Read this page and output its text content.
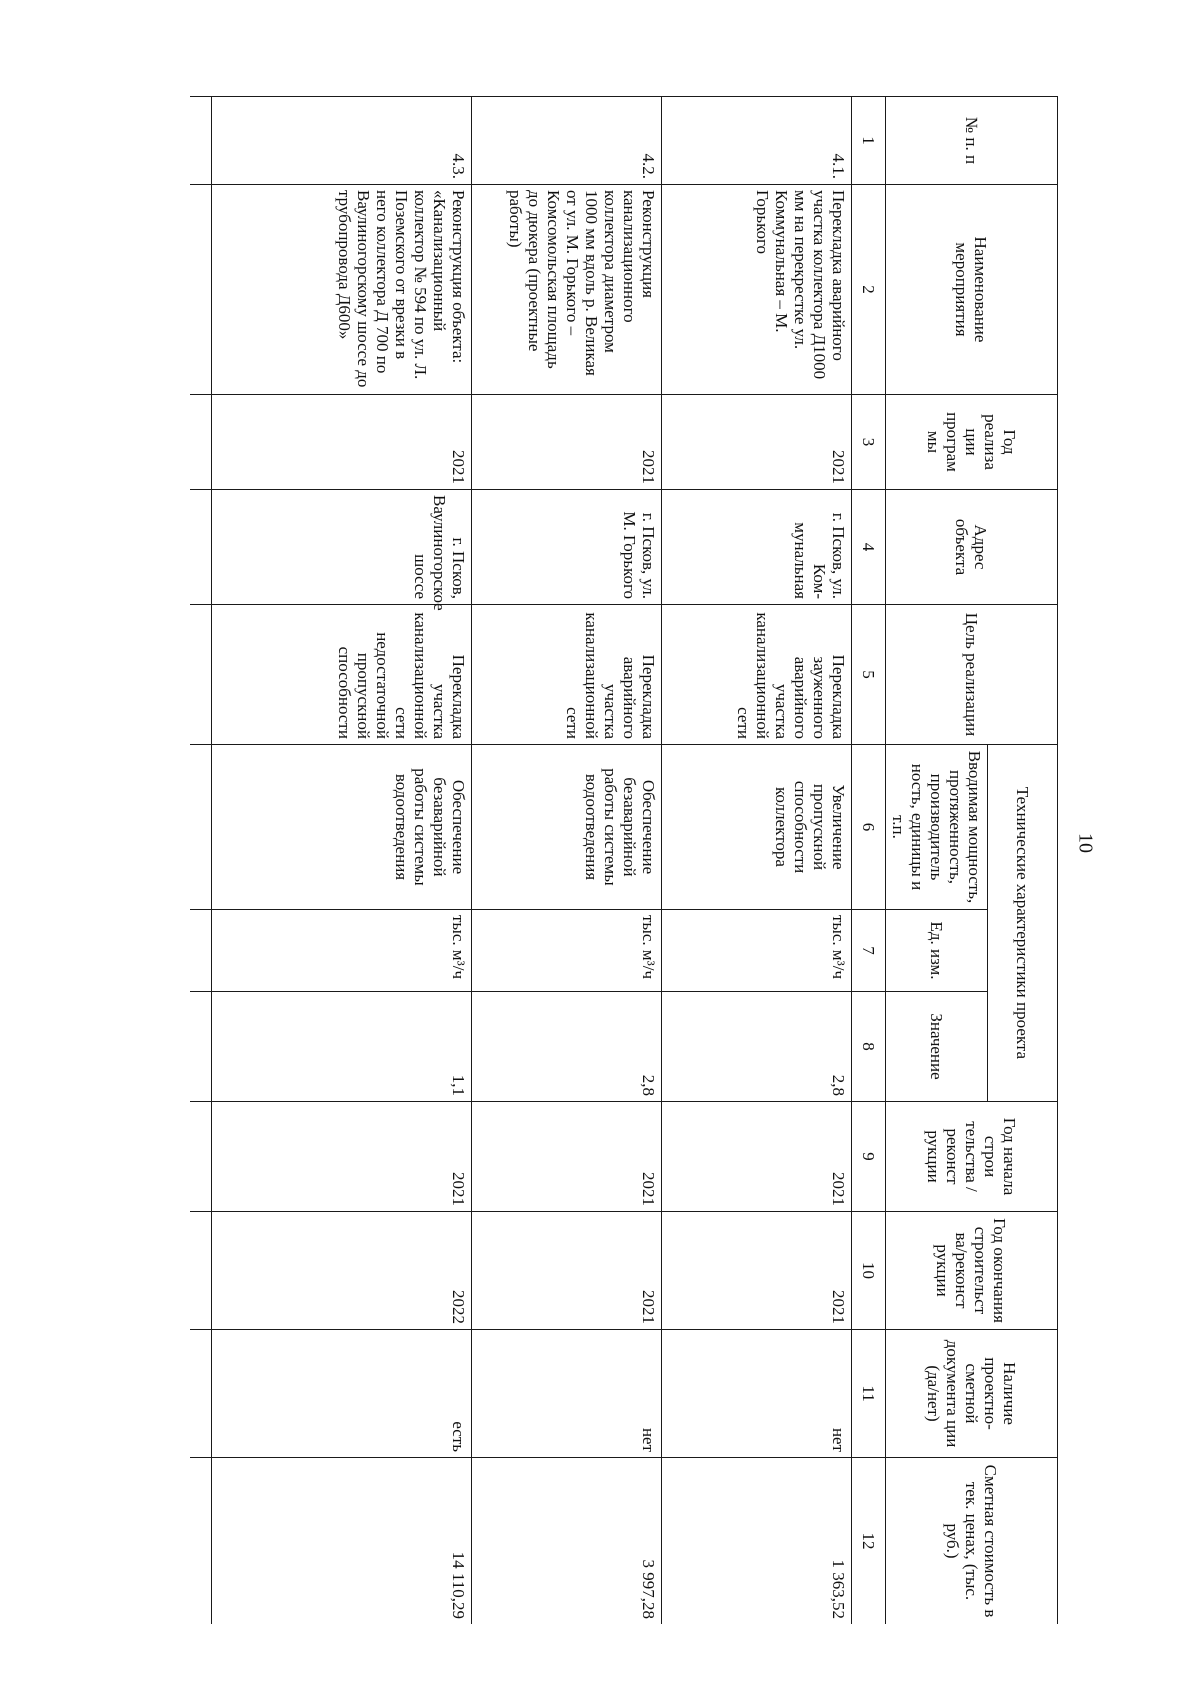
10
№ п. п	Наименование мероприятия	Год реализа ции програм мы	Адрес объекта	Цель реализации	Технические характеристики проекта			Год начала строи тельства /реконст рукции	Год окончания строительст ва/реконст рукции	Наличие проектно-сметной документа ции (да/нет)	Сметная стоимость в тек. ценах, (тыс. руб.)
					Вводимая мощность, протяженность, производитель ность, единицы и т.п.	Ед. изм.	Значение				
1	2	3	4	5	6	7	8	9	10	11	12
4.1.	Перекладка аварийного участка коллектора Д1000 мм на перекрестке ул. Коммунальная – М. Горького	2021	г. Псков, ул. Ком-мунальная	Перекладка зауженного аварийного участка канализационной сети	Увеличение пропускной способности коллектора	тыс. м³/ч	2,8	2021	2021	нет	1 363,52
4.2.	Реконструкция канализационного коллектора диаметром 1000 мм вдоль р. Великая от ул. М. Горького – Комсомольская площадь до дюкера (проектные работы)	2021	г. Псков, ул. М. Горького	Перекладка аварийного участка канализационной сети	Обеспечение безаварийной работы системы водоотведения	тыс. м³/ч	2,8	2021	2021	нет	3 997,28
4.3.	Реконструкция объекта: «Канализационный коллектор № 594 по ул. Л. Поземского от врезки в него коллектора Д 700 по Ваулиногорскому шоссе до трубопровода Д600»	2021	г. Псков, Ваулиногорское шоссе	Перекладка участка канализационной сети недостаточной пропускной способности	Обеспечение безаварийной работы системы водоотведения	тыс. м³/ч	1,1	2021	2022	есть	14 110,29
